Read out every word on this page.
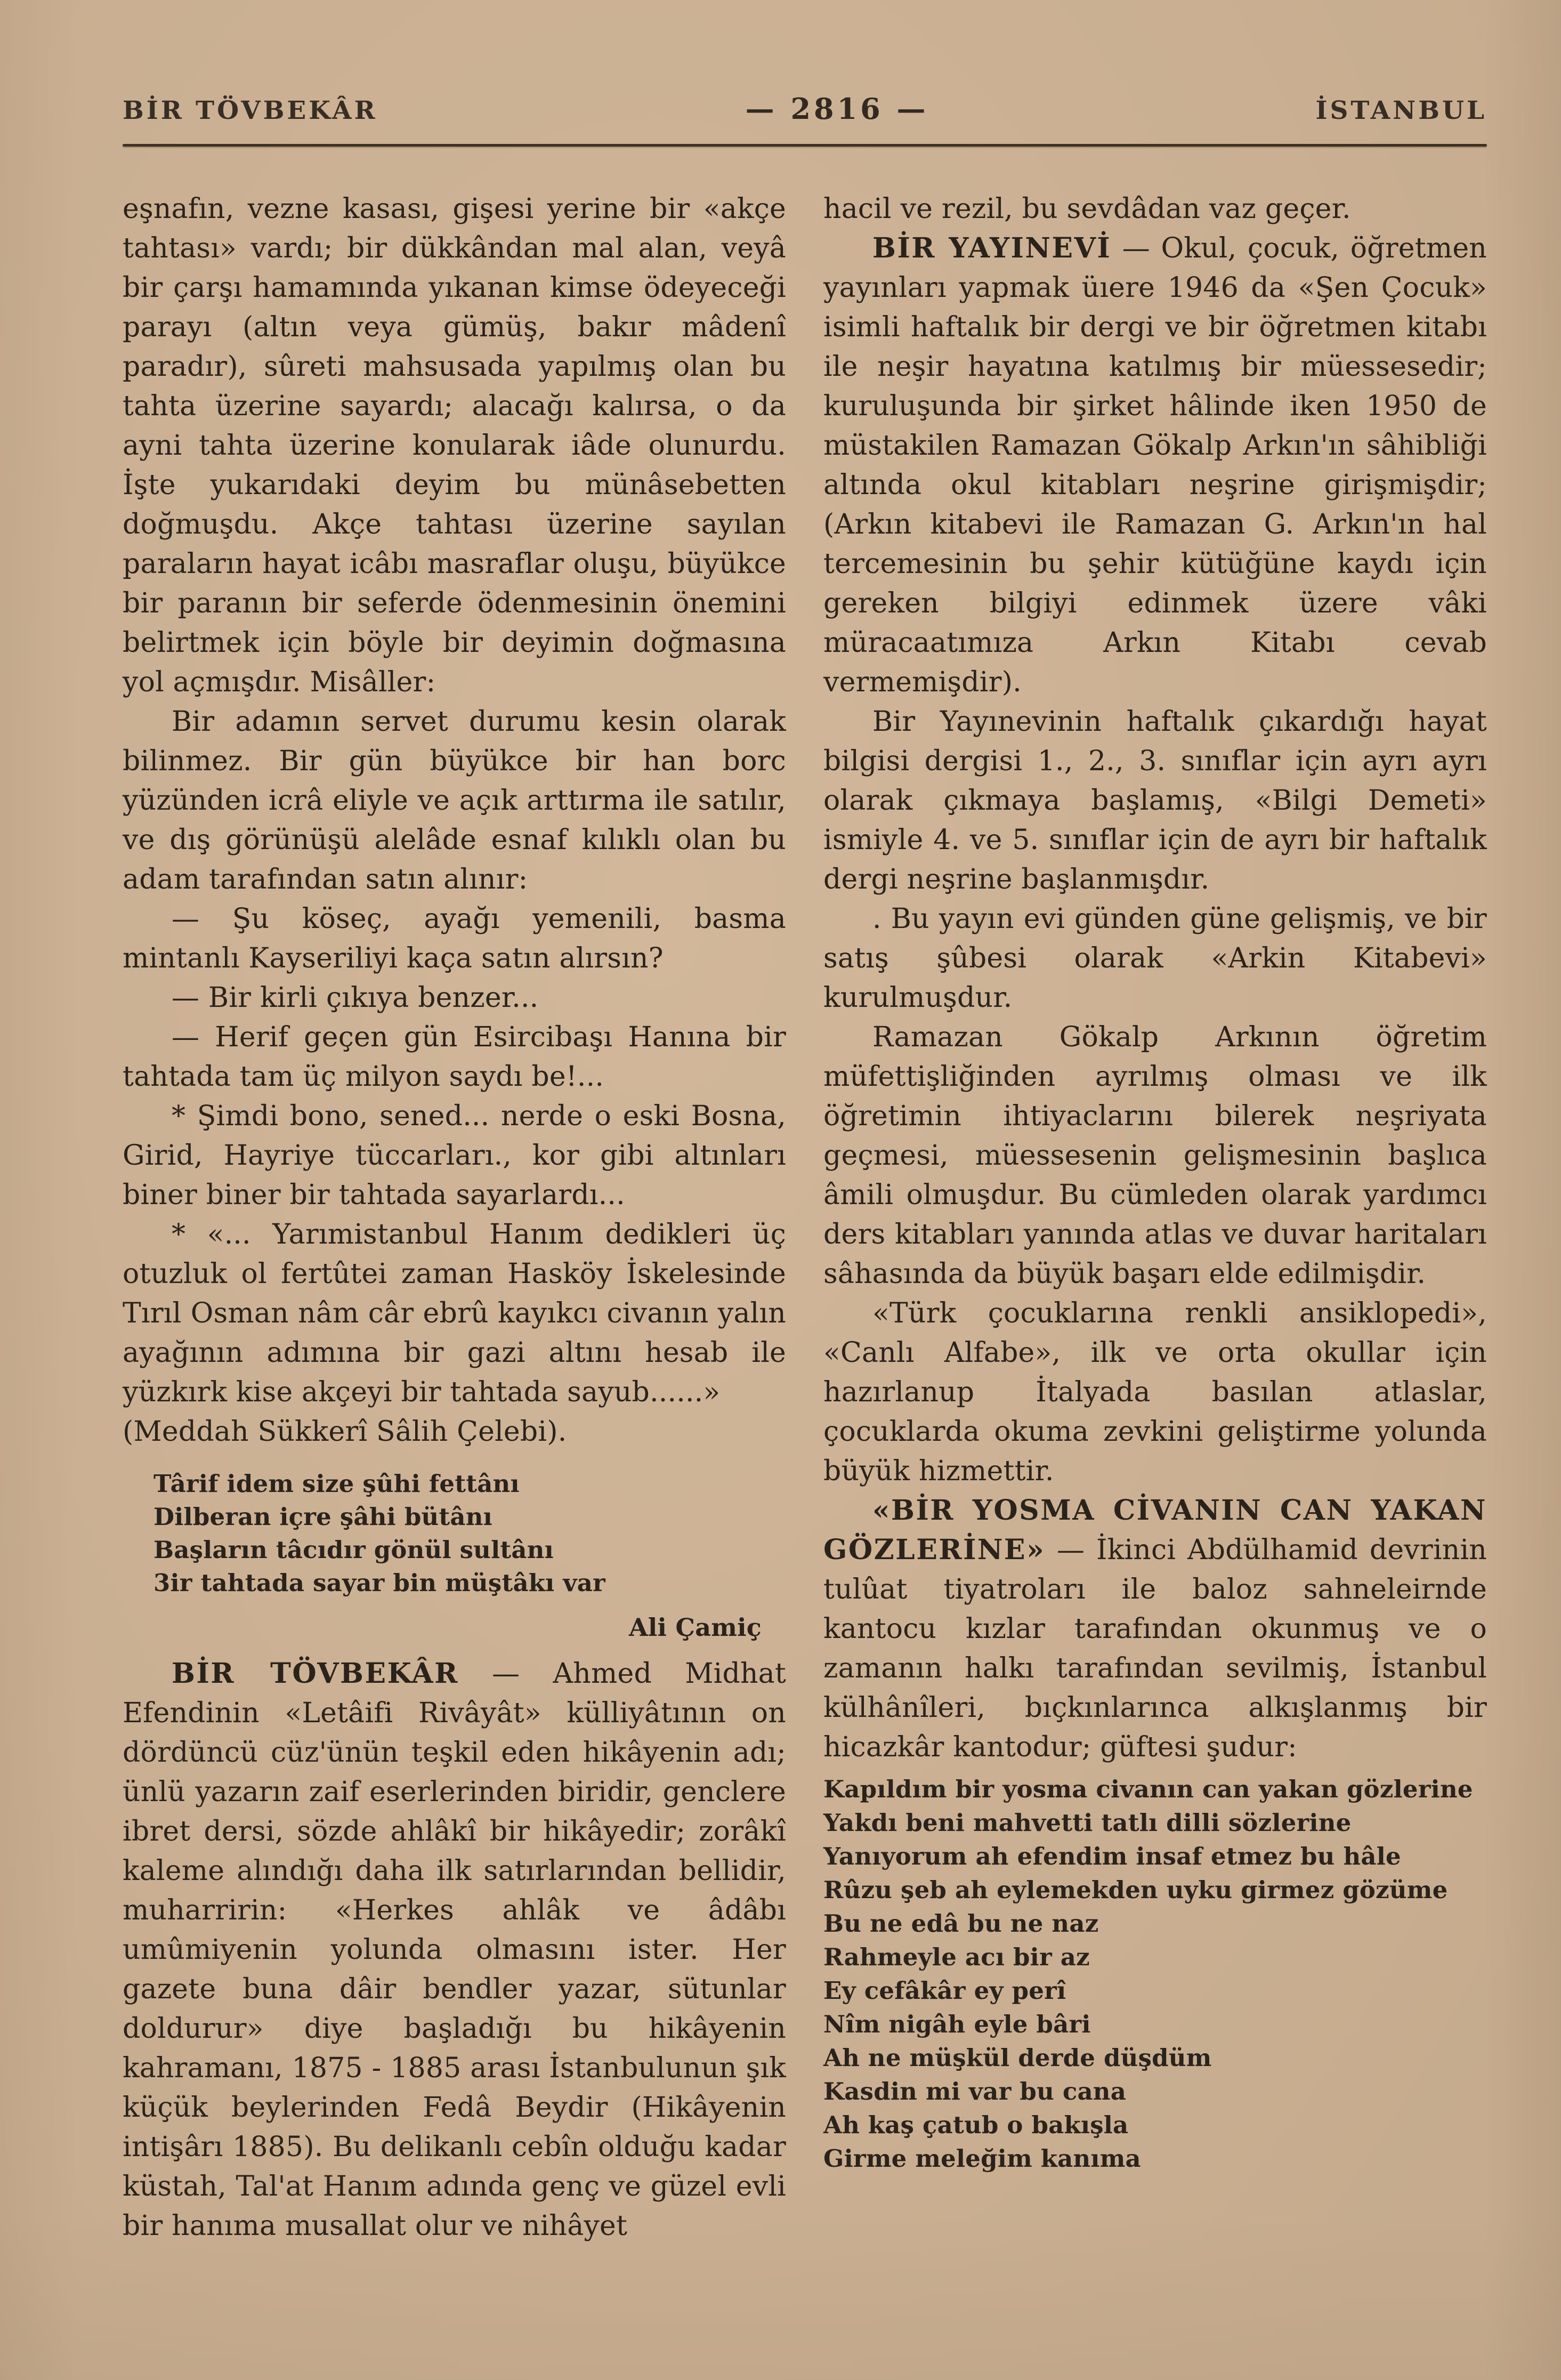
BİR TÖVBEKÂR	— 2816 —	İSTANBUL

eşnafın, vezne kasası, gişesi yerine bir «akçe tahtası» vardı; bir dükkândan mal alan, veyâ bir çarşı hamamında yıkanan kimse ödeyeceği parayı (altın veya gümüş, bakır mâdenî paradır), sûreti mahsusada yapılmış olan bu tahta üzerine sayardı; alacağı kalırsa, o da ayni tahta üzerine konularak iâde olunurdu. İşte yukarıdaki deyim bu münâsebetten doğmuşdu. Akçe tahtası üzerine sayılan paraların hayat icâbı masraflar oluşu, büyükce bir paranın bir seferde ödenmesinin önemini belirtmek için böyle bir deyimin doğmasına yol açmışdır. Misâller:

Bir adamın servet durumu kesin olarak bilinmez. Bir gün büyükce bir han borc yüzünden icrâ eliyle ve açık arttırma ile satılır, ve dış görünüşü alelâde esnaf kılıklı olan bu adam tarafından satın alınır:

— Şu köseç, ayağı yemenili, basma mintanlı Kayseriliyi kaça satın alırsın?

— Bir kirli çıkıya benzer...

— Herif geçen gün Esircibaşı Hanına bir tahtada tam üç milyon saydı be!...

* Şimdi bono, sened... nerde o eski Bosna, Girid, Hayriye tüccarları., kor gibi altınları biner biner bir tahtada sayarlardı...

* «... Yarımistanbul Hanım dedikleri üç otuzluk ol fertûtei zaman Hasköy İskelesinde Tırıl Osman nâm câr ebrû kayıkcı civanın yalın ayağının adımına bir gazi altını hesab ile yüzkırk kise akçeyi bir tahtada sayub......»

(Meddah Sükkerî Sâlih Çelebi).

Târif idem size şûhi fettânı
Dilberan içre şâhi bütânı
Başların tâcıdır gönül sultânı
3ir tahtada sayar bin müştâkı var
Ali Çamiç

BİR TÖVBEKÂR — Ahmed Midhat Efendinin «Letâifi Rivâyât» külliyâtının on dördüncü cüz'ünün teşkil eden hikâyenin adı; ünlü yazarın zaif eserlerinden biridir, genclere ibret dersi, sözde ahlâkî bir hikâyedir; zorâkî kaleme alındığı daha ilk satırlarından bellidir, muharririn: «Herkes ahlâk ve âdâbı umûmiyenin yolunda olmasını ister. Her gazete buna dâir bendler yazar, sütunlar doldurur» diye başladığı bu hikâyenin kahramanı, 1875 - 1885 arası İstanbulunun şık küçük beylerinden Fedâ Beydir (Hikâyenin intişârı 1885). Bu delikanlı cebîn olduğu kadar küstah, Tal'at Hanım adında genç ve güzel evli bir hanıma musallat olur ve nihâyet

hacil ve rezil, bu sevdâdan vaz geçer.

BİR YAYINEVİ — Okul, çocuk, öğretmen yayınları yapmak üıere 1946 da «Şen Çocuk» isimli haftalık bir dergi ve bir öğretmen kitabı ile neşir hayatına katılmış bir müessesedir; kuruluşunda bir şirket hâlinde iken 1950 de müstakilen Ramazan Gökalp Arkın'ın sâhibliği altında okul kitabları neşrine girişmişdir; (Arkın kitabevi ile Ramazan G. Arkın'ın hal tercemesinin bu şehir kütüğüne kaydı için gereken bilgiyi edinmek üzere vâki müracaatımıza Arkın Kitabı cevab vermemişdir).

Bir Yayınevinin haftalık çıkardığı hayat bilgisi dergisi 1., 2., 3. sınıflar için ayrı ayrı olarak çıkmaya başlamış, «Bilgi Demeti» ismiyle 4. ve 5. sınıflar için de ayrı bir haftalık dergi neşrine başlanmışdır.

. Bu yayın evi günden güne gelişmiş, ve bir satış şûbesi olarak «Arkin Kitabevi» kurulmuşdur.

Ramazan Gökalp Arkının öğretim müfettişliğinden ayrılmış olması ve ilk öğretimin ihtiyaclarını bilerek neşriyata geçmesi, müessesenin gelişmesinin başlıca âmili olmuşdur. Bu cümleden olarak yardımcı ders kitabları yanında atlas ve duvar haritaları sâhasında da büyük başarı elde edilmişdir.

«Türk çocuklarına renkli ansiklopedi», «Canlı Alfabe», ilk ve orta okullar için hazırlanup İtalyada basılan atlaslar, çocuklarda okuma zevkini geliştirme yolunda büyük hizmettir.

«BİR YOSMA CİVANIN CAN YAKAN GÖZLERİNE» — İkinci Abdülhamid devrinin tulûat tiyatroları ile baloz sahneleirnde kantocu kızlar tarafından okunmuş ve o zamanın halkı tarafından sevilmiş, İstanbul külhânîleri, bıçkınlarınca alkışlanmış bir hicazkâr kantodur; güftesi şudur:

Kapıldım bir yosma civanın can yakan gözlerine
Yakdı beni mahvetti tatlı dilli sözlerine
Yanıyorum ah efendim insaf etmez bu hâle
Rûzu şeb ah eylemekden uyku girmez gözüme
Bu ne edâ bu ne naz
Rahmeyle acı bir az
Ey cefâkâr ey perî
Nîm nigâh eyle bâri
Ah ne müşkül derde düşdüm
Kasdin mi var bu cana
Ah kaş çatub o bakışla
Girme meleğim kanıma
